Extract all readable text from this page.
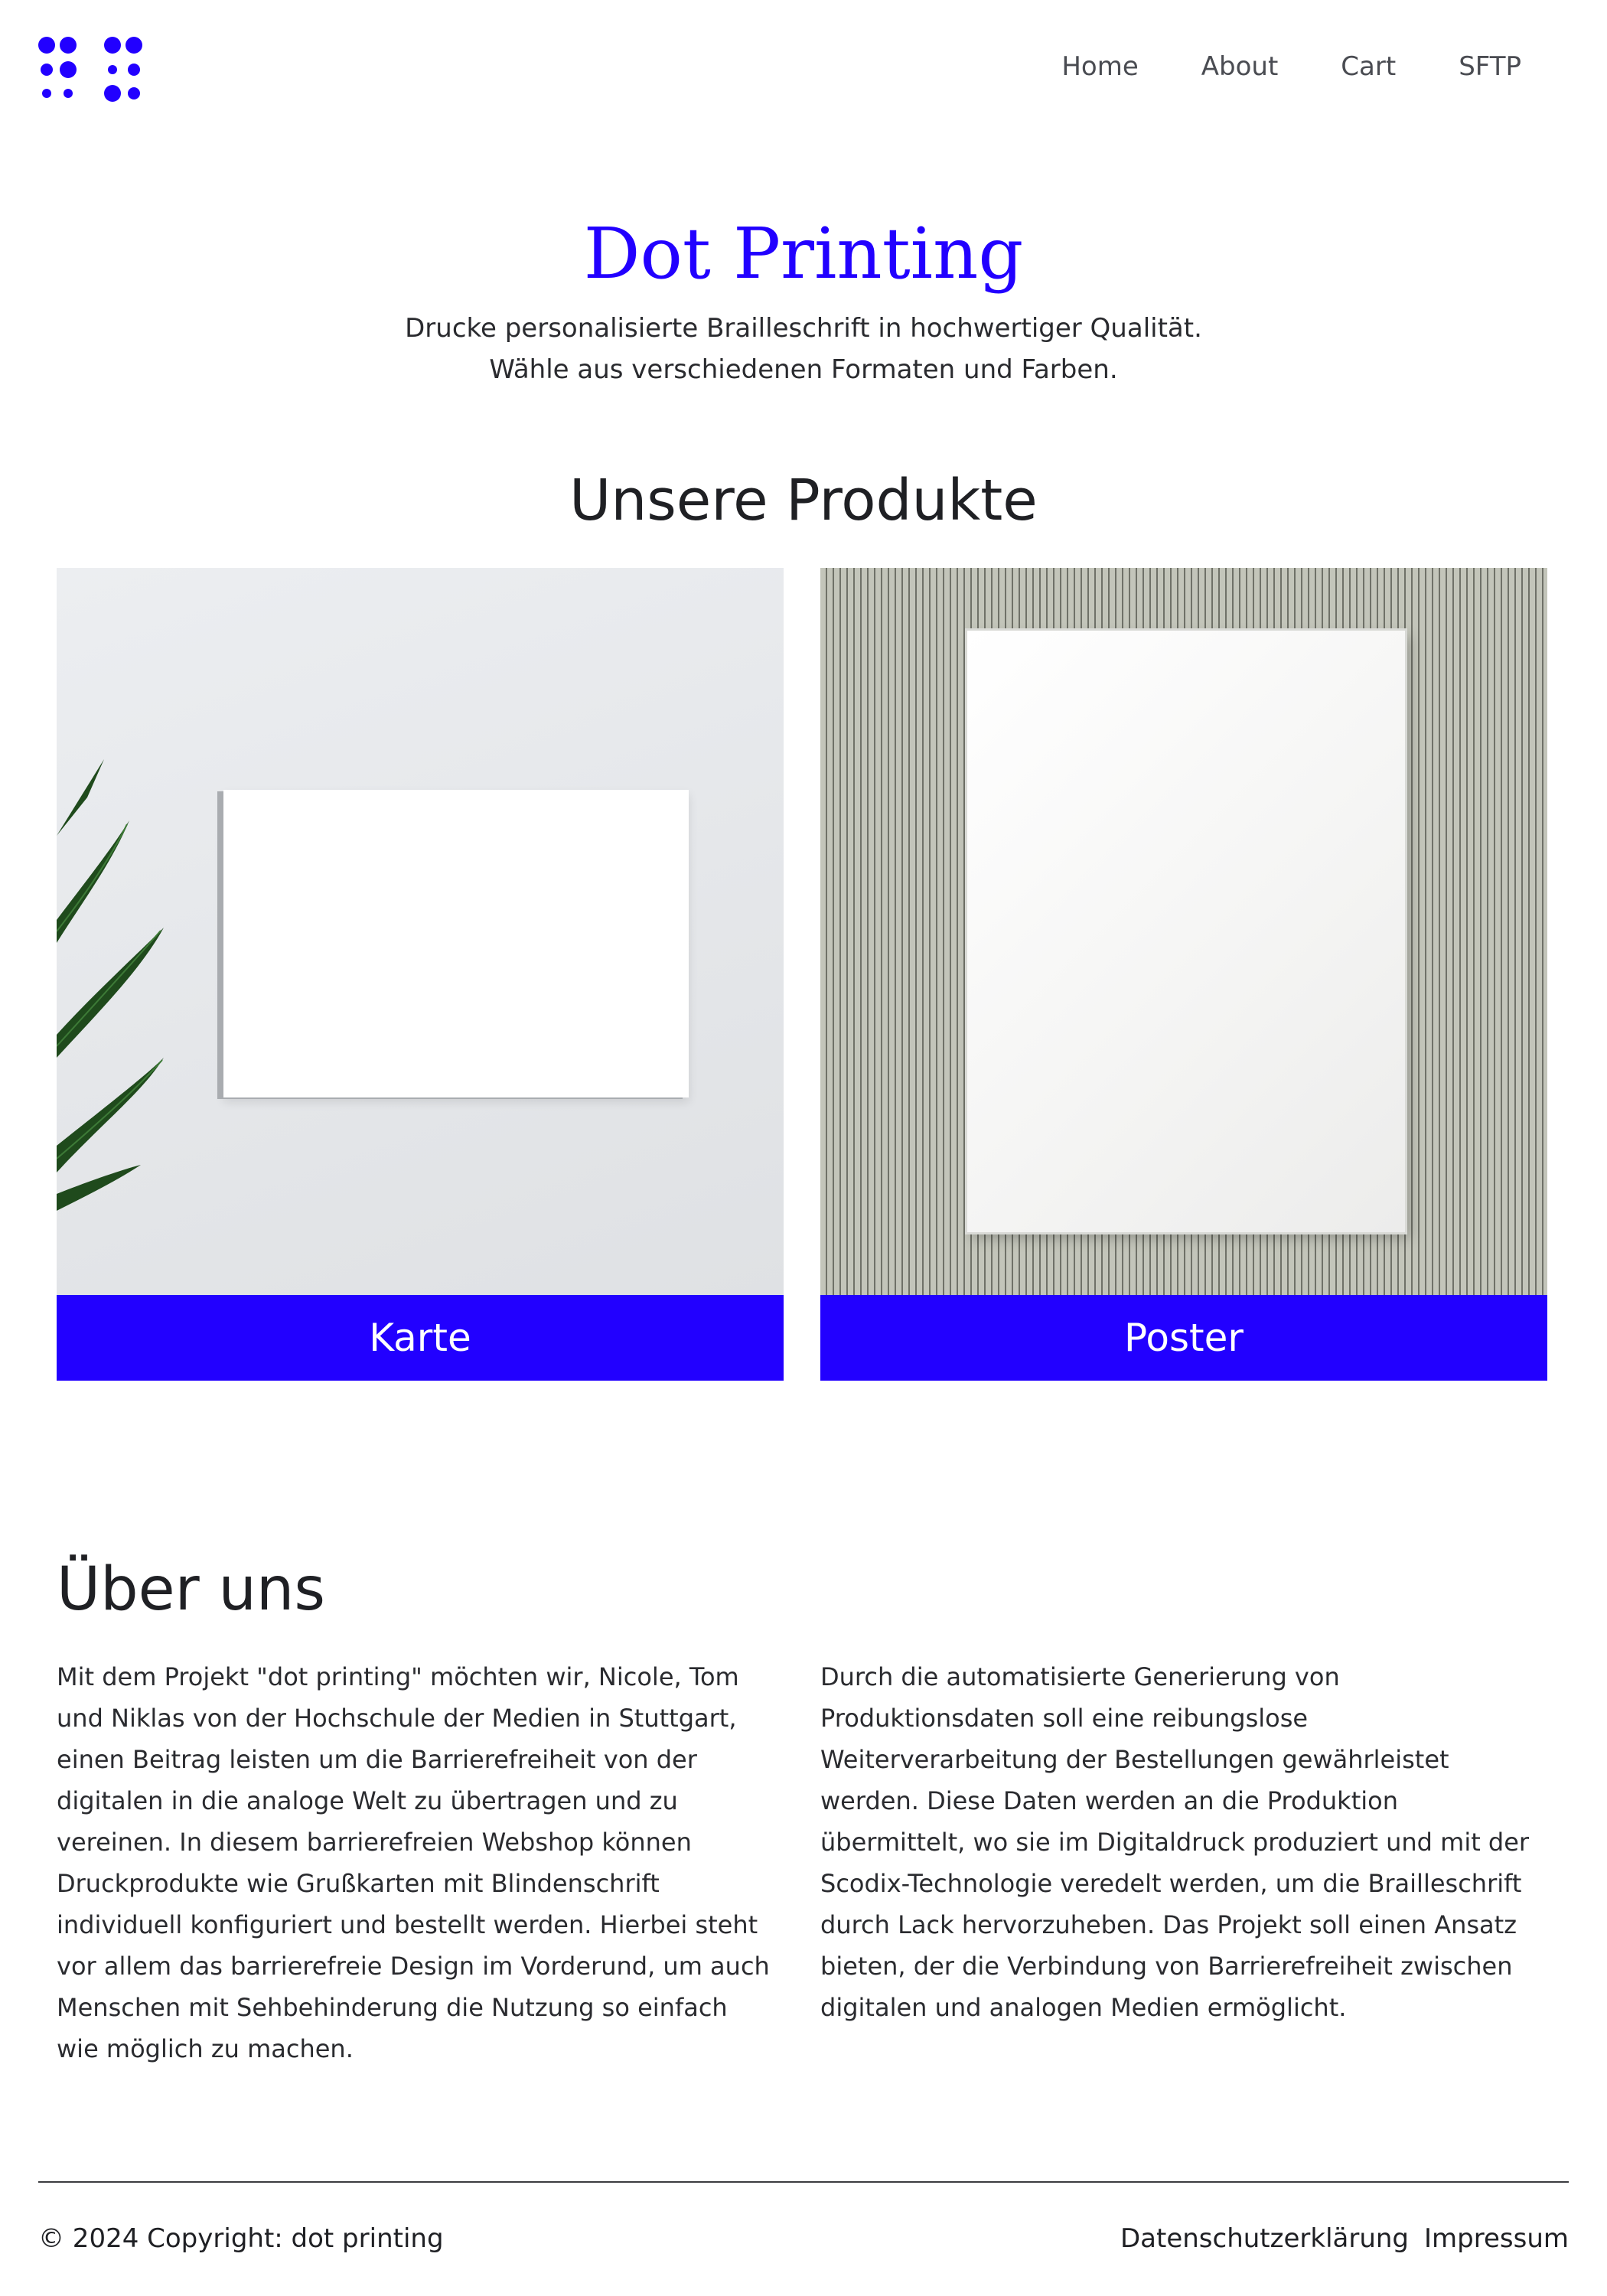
Home About Cart SFTP
Dot Printing
Drucke personalisierte Brailleschrift in hochwertiger Qualität.
Wähle aus verschiedenen Formaten und Farben.
Unsere Produkte
Karte	Poster
Über uns

Mit dem Projekt "dot printing" möchten wir, Nicole, Tom und Niklas von der Hochschule der Medien in Stuttgart, einen Beitrag leisten um die Barrierefreiheit von der digitalen in die analoge Welt zu übertragen und zu vereinen. In diesem barrierefreien Webshop können Druckprodukte wie Grußkarten mit Blindenschrift individuell konfiguriert und bestellt werden. Hierbei steht vor allem das barrierefreie Design im Vorderund, um auch Menschen mit Sehbehinderung die Nutzung so einfach wie möglich zu machen.

Durch die automatisierte Generierung von Produktionsdaten soll eine reibungslose Weiterverarbeitung der Bestellungen gewährleistet werden. Diese Daten werden an die Produktion übermittelt, wo sie im Digitaldruck produziert und mit der Scodix-Technologie veredelt werden, um die Brailleschrift durch Lack hervorzuheben. Das Projekt soll einen Ansatz bieten, der die Verbindung von Barrierefreiheit zwischen digitalen und analogen Medien ermöglicht.

© 2024 Copyright: dot printing	Datenschutzerklärung Impressum
